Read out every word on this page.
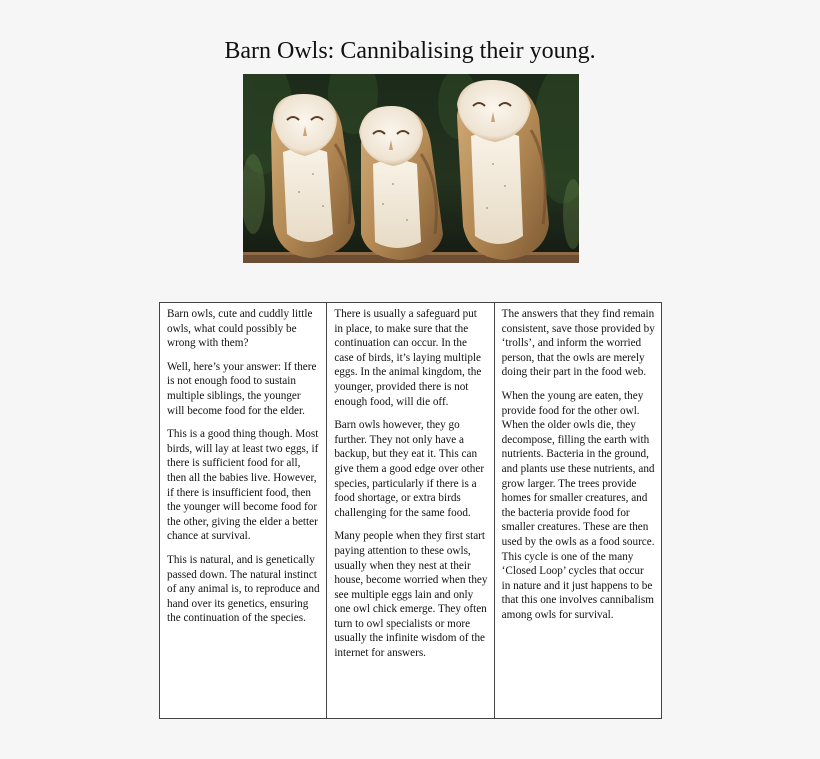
Barn Owls: Cannibalising their young.

Barn owls, cute and cuddly little owls, what could possibly be wrong with them?

Well, here’s your answer: If there is not enough food to sustain multiple siblings, the younger will become food for the elder.

This is a good thing though. Most birds, will lay at least two eggs, if there is sufficient food for all, then all the babies live. However, if there is insufficient food, then the younger will become food for the other, giving the elder a better chance at survival.

This is natural, and is genetically passed down. The natural instinct of any animal is, to reproduce and hand over its genetics, ensuring the continuation of the species.

There is usually a safeguard put in place, to make sure that the continuation can occur. In the case of birds, it’s laying multiple eggs. In the animal kingdom, the younger, provided there is not enough food, will die off.

Barn owls however, they go further. They not only have a backup, but they eat it. This can give them a good edge over other species, particularly if there is a food shortage, or extra birds challenging for the same food.

Many people when they first start paying attention to these owls, usually when they nest at their house, become worried when they see multiple eggs lain and only one owl chick emerge. They often turn to owl specialists or more usually the infinite wisdom of the internet for answers.

The answers that they find remain consistent, save those provided by ‘trolls’, and inform the worried person, that the owls are merely doing their part in the food web.

When the young are eaten, they provide food for the other owl. When the older owls die, they decompose, filling the earth with nutrients. Bacteria in the ground, and plants use these nutrients, and grow larger. The trees provide homes for smaller creatures, and the bacteria provide food for smaller creatures. These are then used by the owls as a food source. This cycle is one of the many ‘Closed Loop’ cycles that occur in nature and it just happens to be that this one involves cannibalism among owls for survival.
